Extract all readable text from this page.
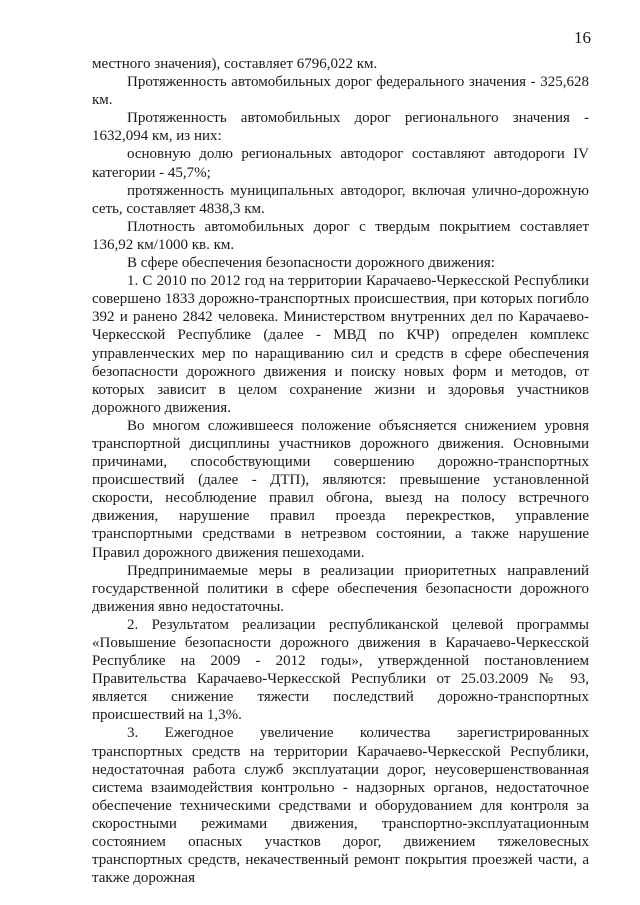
16

местного значения), составляет 6796,022 км.

Протяженность автомобильных дорог федерального значения - 325,628 км.

Протяженность автомобильных дорог регионального значения - 1632,094 км, из них:

основную долю региональных автодорог составляют автодороги IV категории - 45,7%;

протяженность муниципальных автодорог, включая улично-дорожную сеть, составляет 4838,3 км.

Плотность автомобильных дорог с твердым покрытием составляет 136,92 км/1000 кв. км.

В сфере обеспечения безопасности дорожного движения:

1. С 2010 по 2012 год на территории Карачаево-Черкесской Республики совершено 1833 дорожно-транспортных происшествия, при которых погибло 392 и ранено 2842 человека. Министерством внутренних дел по Карачаево-Черкесской Республике (далее - МВД по КЧР) определен комплекс управленческих мер по наращиванию сил и средств в сфере обеспечения безопасности дорожного движения и поиску новых форм и методов, от которых зависит в целом сохранение жизни и здоровья участников дорожного движения.

Во многом сложившееся положение объясняется снижением уровня транспортной дисциплины участников дорожного движения. Основными причинами, способствующими совершению дорожно-транспортных происшествий (далее - ДТП), являются: превышение установленной скорости, несоблюдение правил обгона, выезд на полосу встречного движения, нарушение правил проезда перекрестков, управление транспортными средствами в нетрезвом состоянии, а также нарушение Правил дорожного движения пешеходами.

Предпринимаемые меры в реализации приоритетных направлений государственной политики в сфере обеспечения безопасности дорожного движения явно недостаточны.

2. Результатом реализации республиканской целевой программы «Повышение безопасности дорожного движения в Карачаево-Черкесской Республике на 2009 - 2012 годы», утвержденной постановлением Правительства Карачаево-Черкесской Республики от 25.03.2009 № 93, является снижение тяжести последствий дорожно-транспортных происшествий на 1,3%.

3. Ежегодное увеличение количества зарегистрированных транспортных средств на территории Карачаево-Черкесской Республики, недостаточная работа служб эксплуатации дорог, неусовершенствованная система взаимодействия контрольно - надзорных органов, недостаточное обеспечение техническими средствами и оборудованием для контроля за скоростными режимами движения, транспортно-эксплуатационным состоянием опасных участков дорог, движением тяжеловесных транспортных средств, некачественный ремонт покрытия проезжей части, а также дорожная
